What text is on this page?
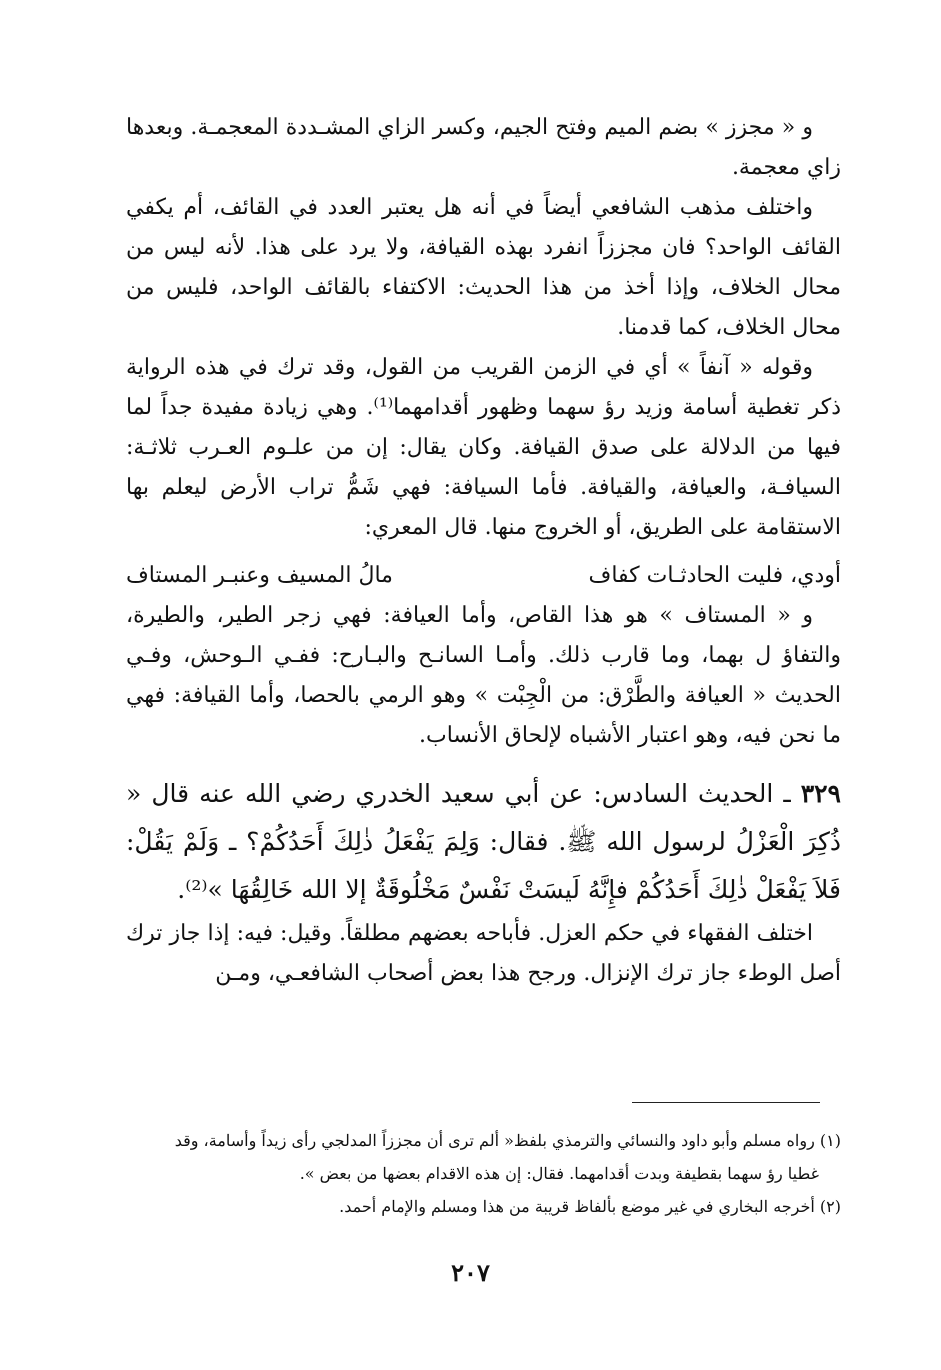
و « مجزز » بضم الميم وفتح الجيم، وكسر الزاي المشـددة المعجمـة. وبعدها زاي معجمة.

واختلف مذهب الشافعي أيضاً في أنه هل يعتبر العدد في القائف، أم يكفي القائف الواحد؟ فان مجززاً انفرد بهذه القيافة، ولا يرد على هذا. لأنه ليس من محال الخلاف، وإذا أخذ من هذا الحديث: الاكتفاء بالقائف الواحد، فليس من محال الخلاف، كما قدمنا.

وقوله « آنفاً » أي في الزمن القريب من القول، وقد ترك في هذه الرواية ذكر تغطية أسامة وزيد رؤ سهما وظهور أقدامهما⁽¹⁾. وهي زيادة مفيدة جداً لما فيها من الدلالة على صدق القيافة. وكان يقال: إن من علـوم العـرب ثلاثـة: السيافـة، والعيافة، والقيافة. فأما السيافة: فهي شَمُّ تراب الأرض ليعلم بها الاستقامة على الطريق، أو الخروج منها. قال المعري:

أودي، فليت الحادثـات كفاف
مالُ المسيف وعنبـر المستاف

و « المستاف » هو هذا القاص، وأما العيافة: فهي زجر الطير، والطيرة، والتفاؤ ل بهما، وما قارب ذلك. وأمـا السانـح والبـارح: ففـي الـوحش، وفـي الحديث « العيافة والطَّرْق: من الْجِبْت » وهو الرمي بالحصا، وأما القيافة: فهي ما نحن فيه، وهو اعتبار الأشباه لإلحاق الأنساب.

٣٢٩ ـ الحديث السادس: عن أبي سعيد الخدري رضي الله عنه قال « ذُكِرَ الْعَزْلُ لرسول الله ﷺ. فقال: وَلِمَ يَفْعَلُ ذٰلِكَ أَحَدُكُمْ؟ ـ وَلَمْ يَقُلْ: فَلاَ يَفْعَلْ ذٰلِكَ أَحَدُكُمْ فإِنَّهُ لَيسَتْ نَفْسٌ مَخْلُوقَةٌ إلا الله خَالِقُهَا »⁽²⁾.

اختلف الفقهاء في حكم العزل. فأباحه بعضهم مطلقاً. وقيل: فيه: إذا جاز ترك أصل الوطء جاز ترك الإنزال. ورجح هذا بعض أصحاب الشافعـي، ومـن

(١) رواه مسلم وأبو داود والنسائي والترمذي بلفظ« ألم ترى أن مجززاً المدلجي رأى زيداً وأسامة، وقد

غطيا رؤ سهما بقطيفة وبدت أقدامهما. فقال: إن هذه الاقدام بعضها من بعض ».

(٢) أخرجه البخاري في غير موضع بألفاظ قريبة من هذا ومسلم والإمام أحمد.

٢٠٧
